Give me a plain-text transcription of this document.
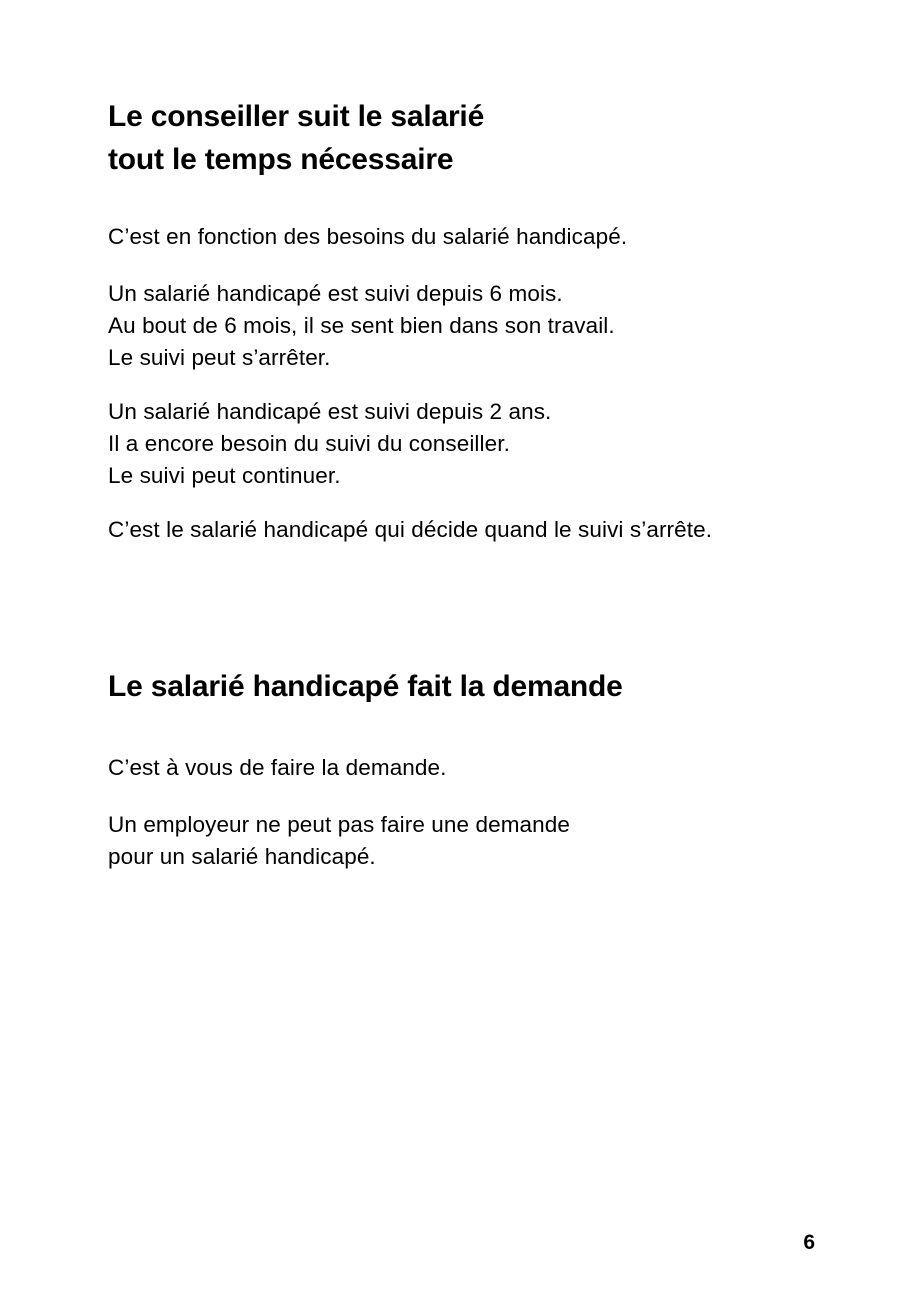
Le conseiller suit le salarié
tout le temps nécessaire

C’est en fonction des besoins du salarié handicapé.

Un salarié handicapé est suivi depuis 6 mois.
Au bout de 6 mois, il se sent bien dans son travail.
Le suivi peut s’arrêter.

Un salarié handicapé est suivi depuis 2 ans.
Il a encore besoin du suivi du conseiller.
Le suivi peut continuer.

C’est le salarié handicapé qui décide quand le suivi s’arrête.

Le salarié handicapé fait la demande

C’est à vous de faire la demande.

Un employeur ne peut pas faire une demande
pour un salarié handicapé.

6
